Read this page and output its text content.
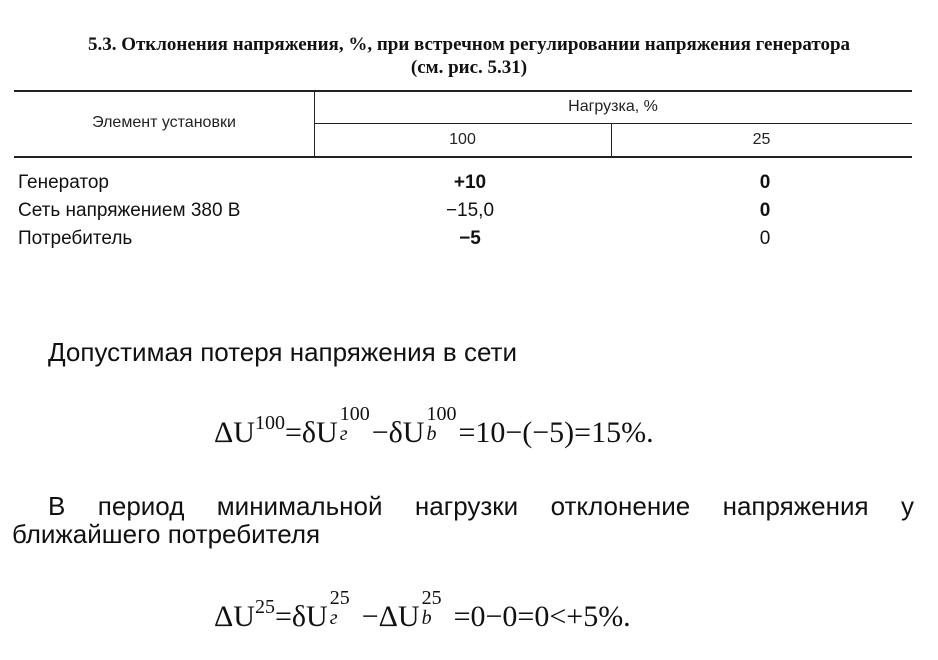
5.3. Отклонения напряжения, %, при встречном регулировании напряжения генератора
(см. рис. 5.31)
Элемент установки
Нагрузка, %
100	25
Генератор	+10	0
Сеть напряжением 380 В	−15,0	0
Потребитель	−5	0
Допустимая потеря напряжения в сети
$\Delta U^{100}=\delta U$
100
г −δU
100
b =10−(−5)=15%.
В период минимальной нагрузки отклонение напряжения у
ближайшего потребителя
$\Delta U^{25}=\delta U$
25
г −ΔU
25
b =0−0=0<+5%.
